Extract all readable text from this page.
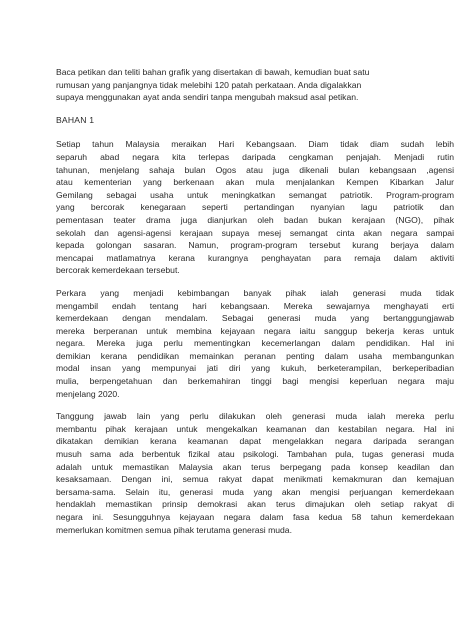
Baca petikan dan teliti bahan grafik yang disertakan di bawah, kemudian buat satu
rumusan yang panjangnya tidak melebihi 120 patah perkataan. Anda digalakkan
supaya menggunakan ayat anda sendiri tanpa mengubah maksud asal petikan.
BAHAN 1
Setiap tahun Malaysia meraikan Hari Kebangsaan. Diam tidak diam sudah lebih
separuh abad negara kita terlepas daripada cengkaman penjajah. Menjadi rutin
tahunan, menjelang sahaja bulan Ogos atau juga dikenali bulan kebangsaan ,agensi
atau kementerian yang berkenaan akan mula menjalankan Kempen Kibarkan Jalur
Gemilang sebagai usaha untuk meningkatkan semangat patriotik. Program-program
yang bercorak kenegaraan seperti pertandingan nyanyian lagu patriotik dan
pementasan teater drama juga dianjurkan oleh badan bukan kerajaan (NGO), pihak
sekolah dan agensi-agensi kerajaan supaya mesej semangat cinta akan negara sampai
kepada golongan sasaran. Namun, program-program tersebut kurang berjaya dalam
mencapai matlamatnya kerana kurangnya penghayatan para remaja dalam aktiviti
bercorak kemerdekaan tersebut.
Perkara yang menjadi kebimbangan banyak pihak ialah generasi muda tidak
mengambil endah tentang hari kebangsaan. Mereka sewajarnya menghayati erti
kemerdekaan dengan mendalam. Sebagai generasi muda yang bertanggungjawab
mereka berperanan untuk membina kejayaan negara iaitu sanggup bekerja keras untuk
negara. Mereka juga perlu mementingkan kecemerlangan dalam pendidikan. Hal ini
demikian kerana pendidikan memainkan peranan penting dalam usaha membangunkan
modal insan yang mempunyai jati diri yang kukuh, berketerampilan, berkeperibadian
mulia, berpengetahuan dan berkemahiran tinggi bagi mengisi keperluan negara maju
menjelang 2020.
Tanggung jawab lain yang perlu dilakukan oleh generasi muda ialah mereka perlu
membantu pihak kerajaan untuk mengekalkan keamanan dan kestabilan negara. Hal ini
dikatakan demikian kerana keamanan dapat mengelakkan negara daripada serangan
musuh sama ada berbentuk fizikal atau psikologi. Tambahan pula, tugas generasi muda
adalah untuk memastikan Malaysia akan terus berpegang pada konsep keadilan dan
kesaksamaan. Dengan ini, semua rakyat dapat menikmati kemakmuran dan kemajuan
bersama-sama. Selain itu, generasi muda yang akan mengisi perjuangan kemerdekaan
hendaklah memastikan prinsip demokrasi akan terus dimajukan oleh setiap rakyat di
negara ini. Sesungguhnya kejayaan negara dalam fasa kedua 58 tahun kemerdekaan
memerlukan komitmen semua pihak terutama generasi muda.
